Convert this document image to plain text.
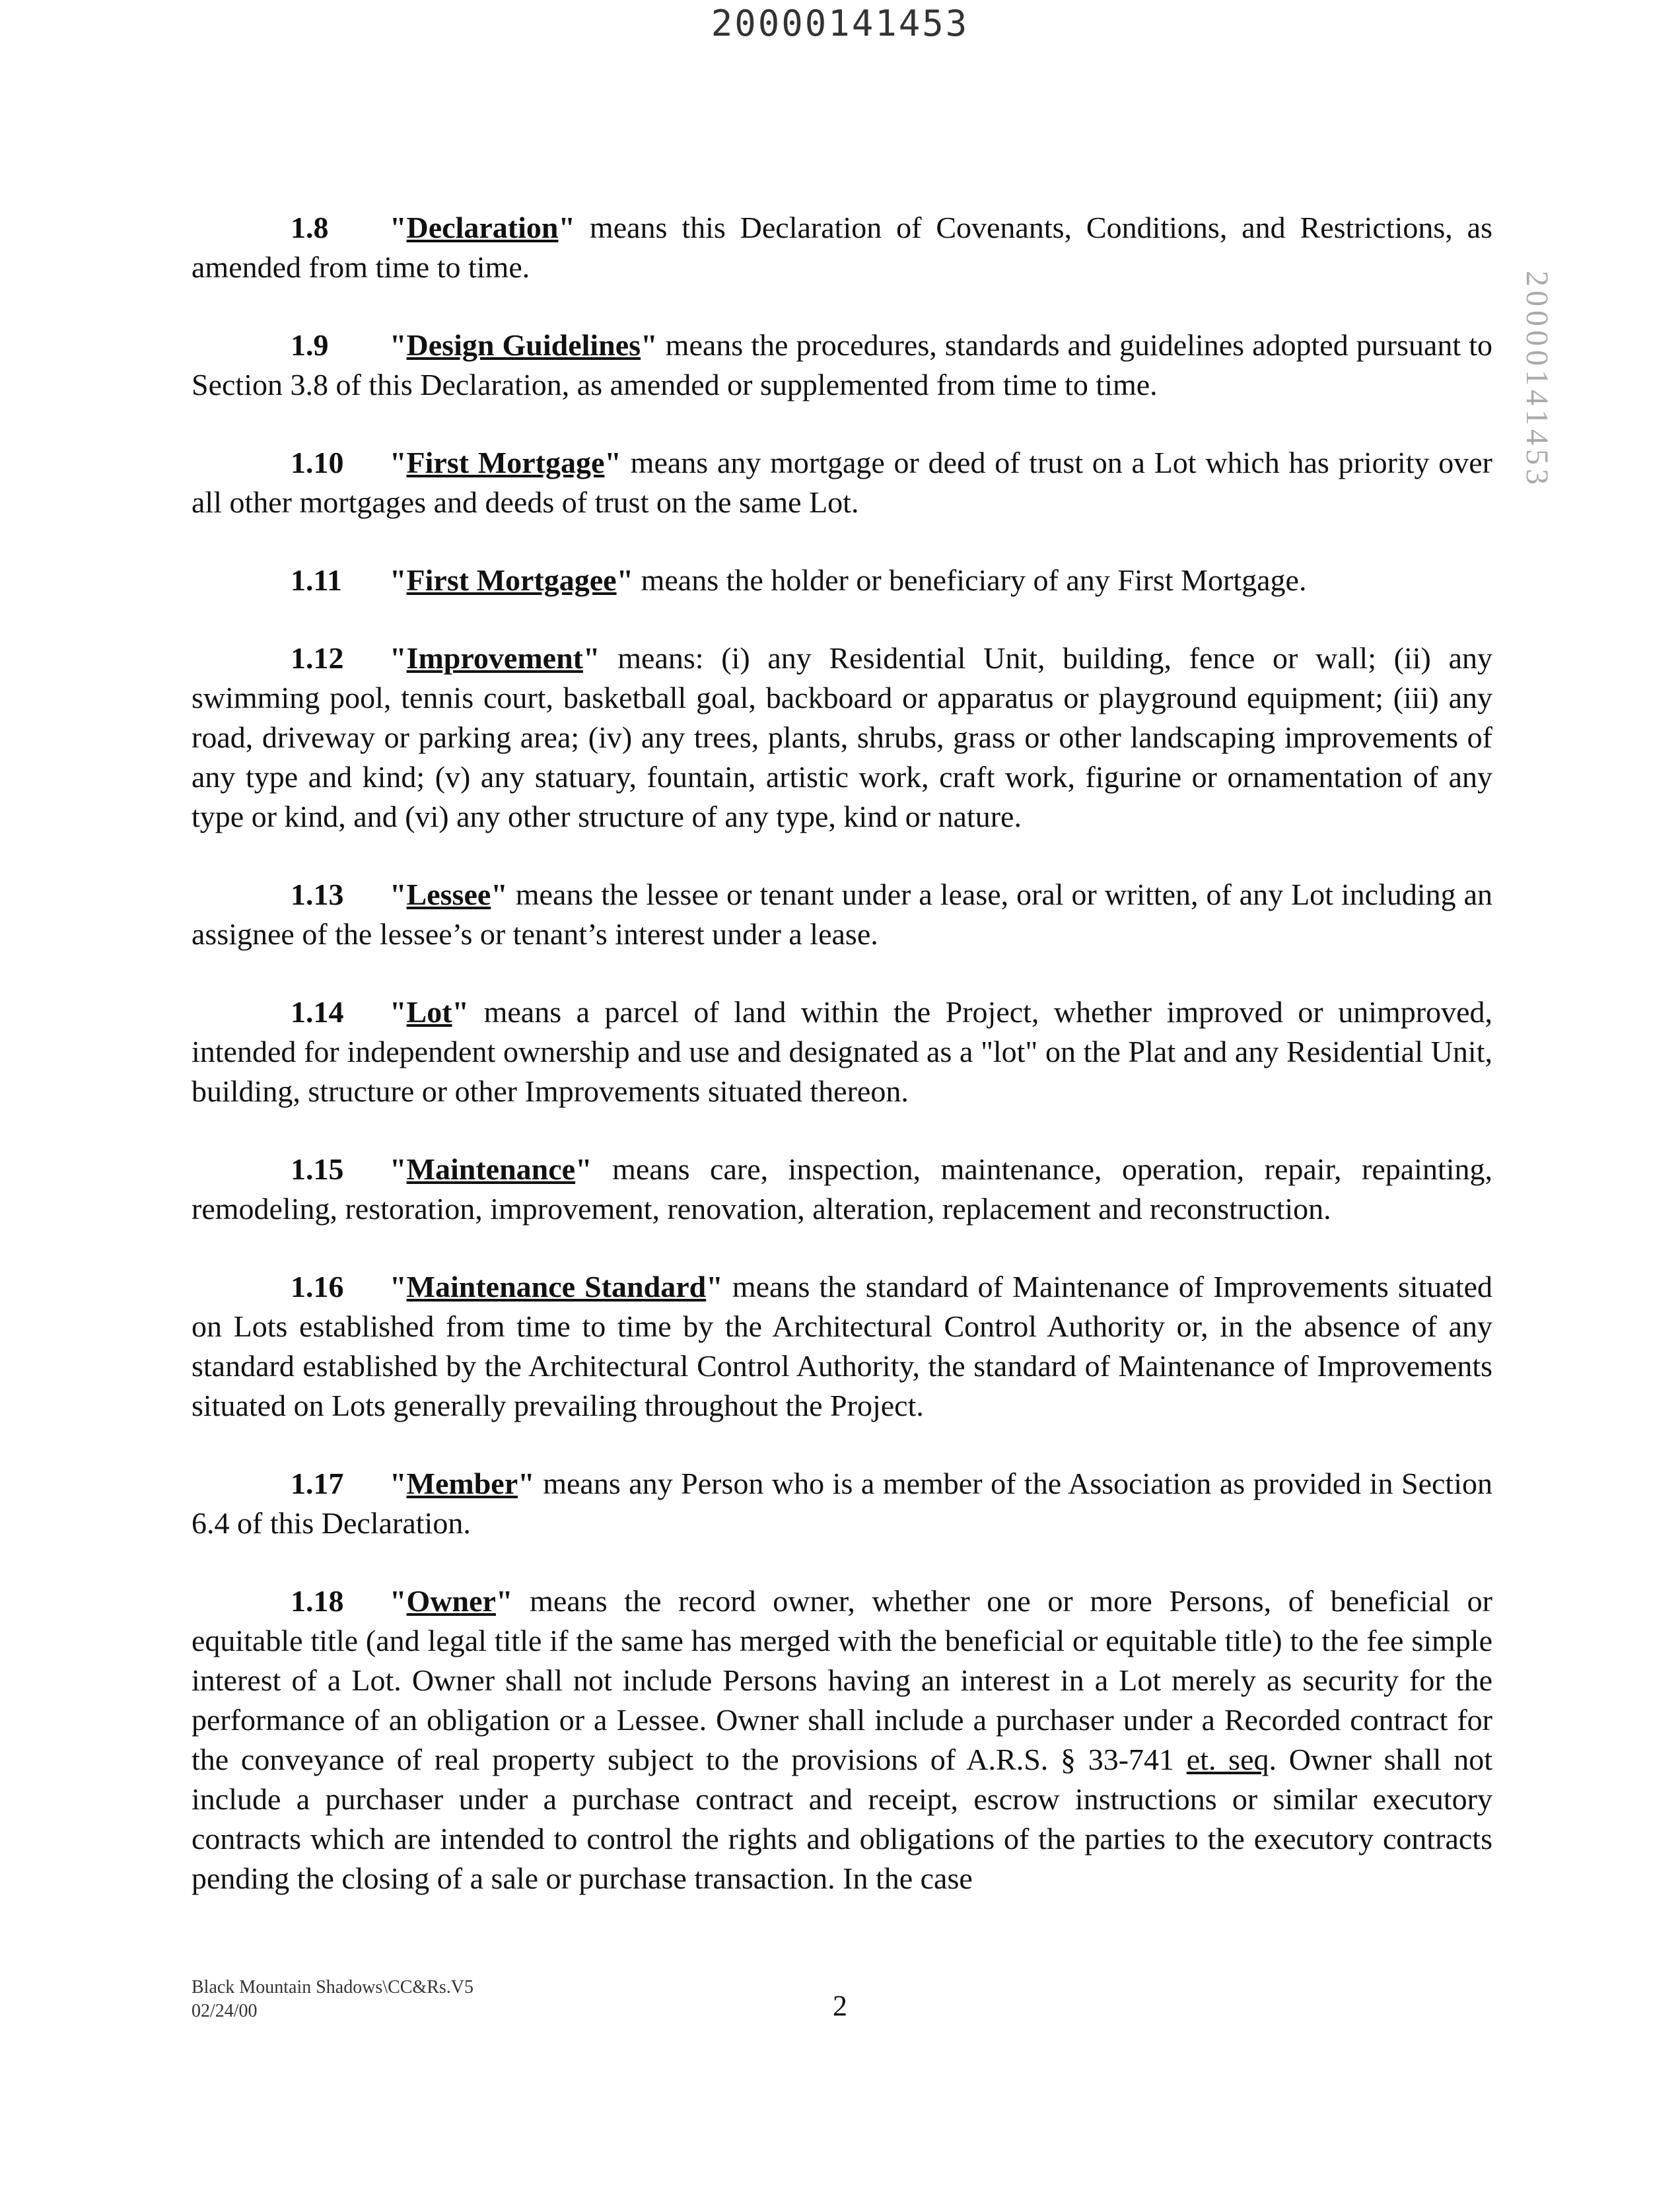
20000141453
20000141453

1.8 "Declaration" means this Declaration of Covenants, Conditions, and Restrictions, as amended from time to time.

1.9 "Design Guidelines" means the procedures, standards and guidelines adopted pursuant to Section 3.8 of this Declaration, as amended or supplemented from time to time.

1.10 "First Mortgage" means any mortgage or deed of trust on a Lot which has priority over all other mortgages and deeds of trust on the same Lot.

1.11 "First Mortgagee" means the holder or beneficiary of any First Mortgage.

1.12 "Improvement" means: (i) any Residential Unit, building, fence or wall; (ii) any swimming pool, tennis court, basketball goal, backboard or apparatus or playground equipment; (iii) any road, driveway or parking area; (iv) any trees, plants, shrubs, grass or other landscaping improvements of any type and kind; (v) any statuary, fountain, artistic work, craft work, figurine or ornamentation of any type or kind, and (vi) any other structure of any type, kind or nature.

1.13 "Lessee" means the lessee or tenant under a lease, oral or written, of any Lot including an assignee of the lessee’s or tenant’s interest under a lease.

1.14 "Lot" means a parcel of land within the Project, whether improved or unimproved, intended for independent ownership and use and designated as a "lot" on the Plat and any Residential Unit, building, structure or other Improvements situated thereon.

1.15 "Maintenance" means care, inspection, maintenance, operation, repair, repainting, remodeling, restoration, improvement, renovation, alteration, replacement and reconstruction.

1.16 "Maintenance Standard" means the standard of Maintenance of Improvements situated on Lots established from time to time by the Architectural Control Authority or, in the absence of any standard established by the Architectural Control Authority, the standard of Maintenance of Improvements situated on Lots generally prevailing throughout the Project.

1.17 "Member" means any Person who is a member of the Association as provided in Section 6.4 of this Declaration.

1.18 "Owner" means the record owner, whether one or more Persons, of beneficial or equitable title (and legal title if the same has merged with the beneficial or equitable title) to the fee simple interest of a Lot. Owner shall not include Persons having an interest in a Lot merely as security for the performance of an obligation or a Lessee. Owner shall include a purchaser under a Recorded contract for the conveyance of real property subject to the provisions of A.R.S. § 33-741 et. seq. Owner shall not include a purchaser under a purchase contract and receipt, escrow instructions or similar executory contracts which are intended to control the rights and obligations of the parties to the executory contracts pending the closing of a sale or purchase transaction. In the case

Black Mountain Shadows\CC&Rs.V5
02/24/00	2
